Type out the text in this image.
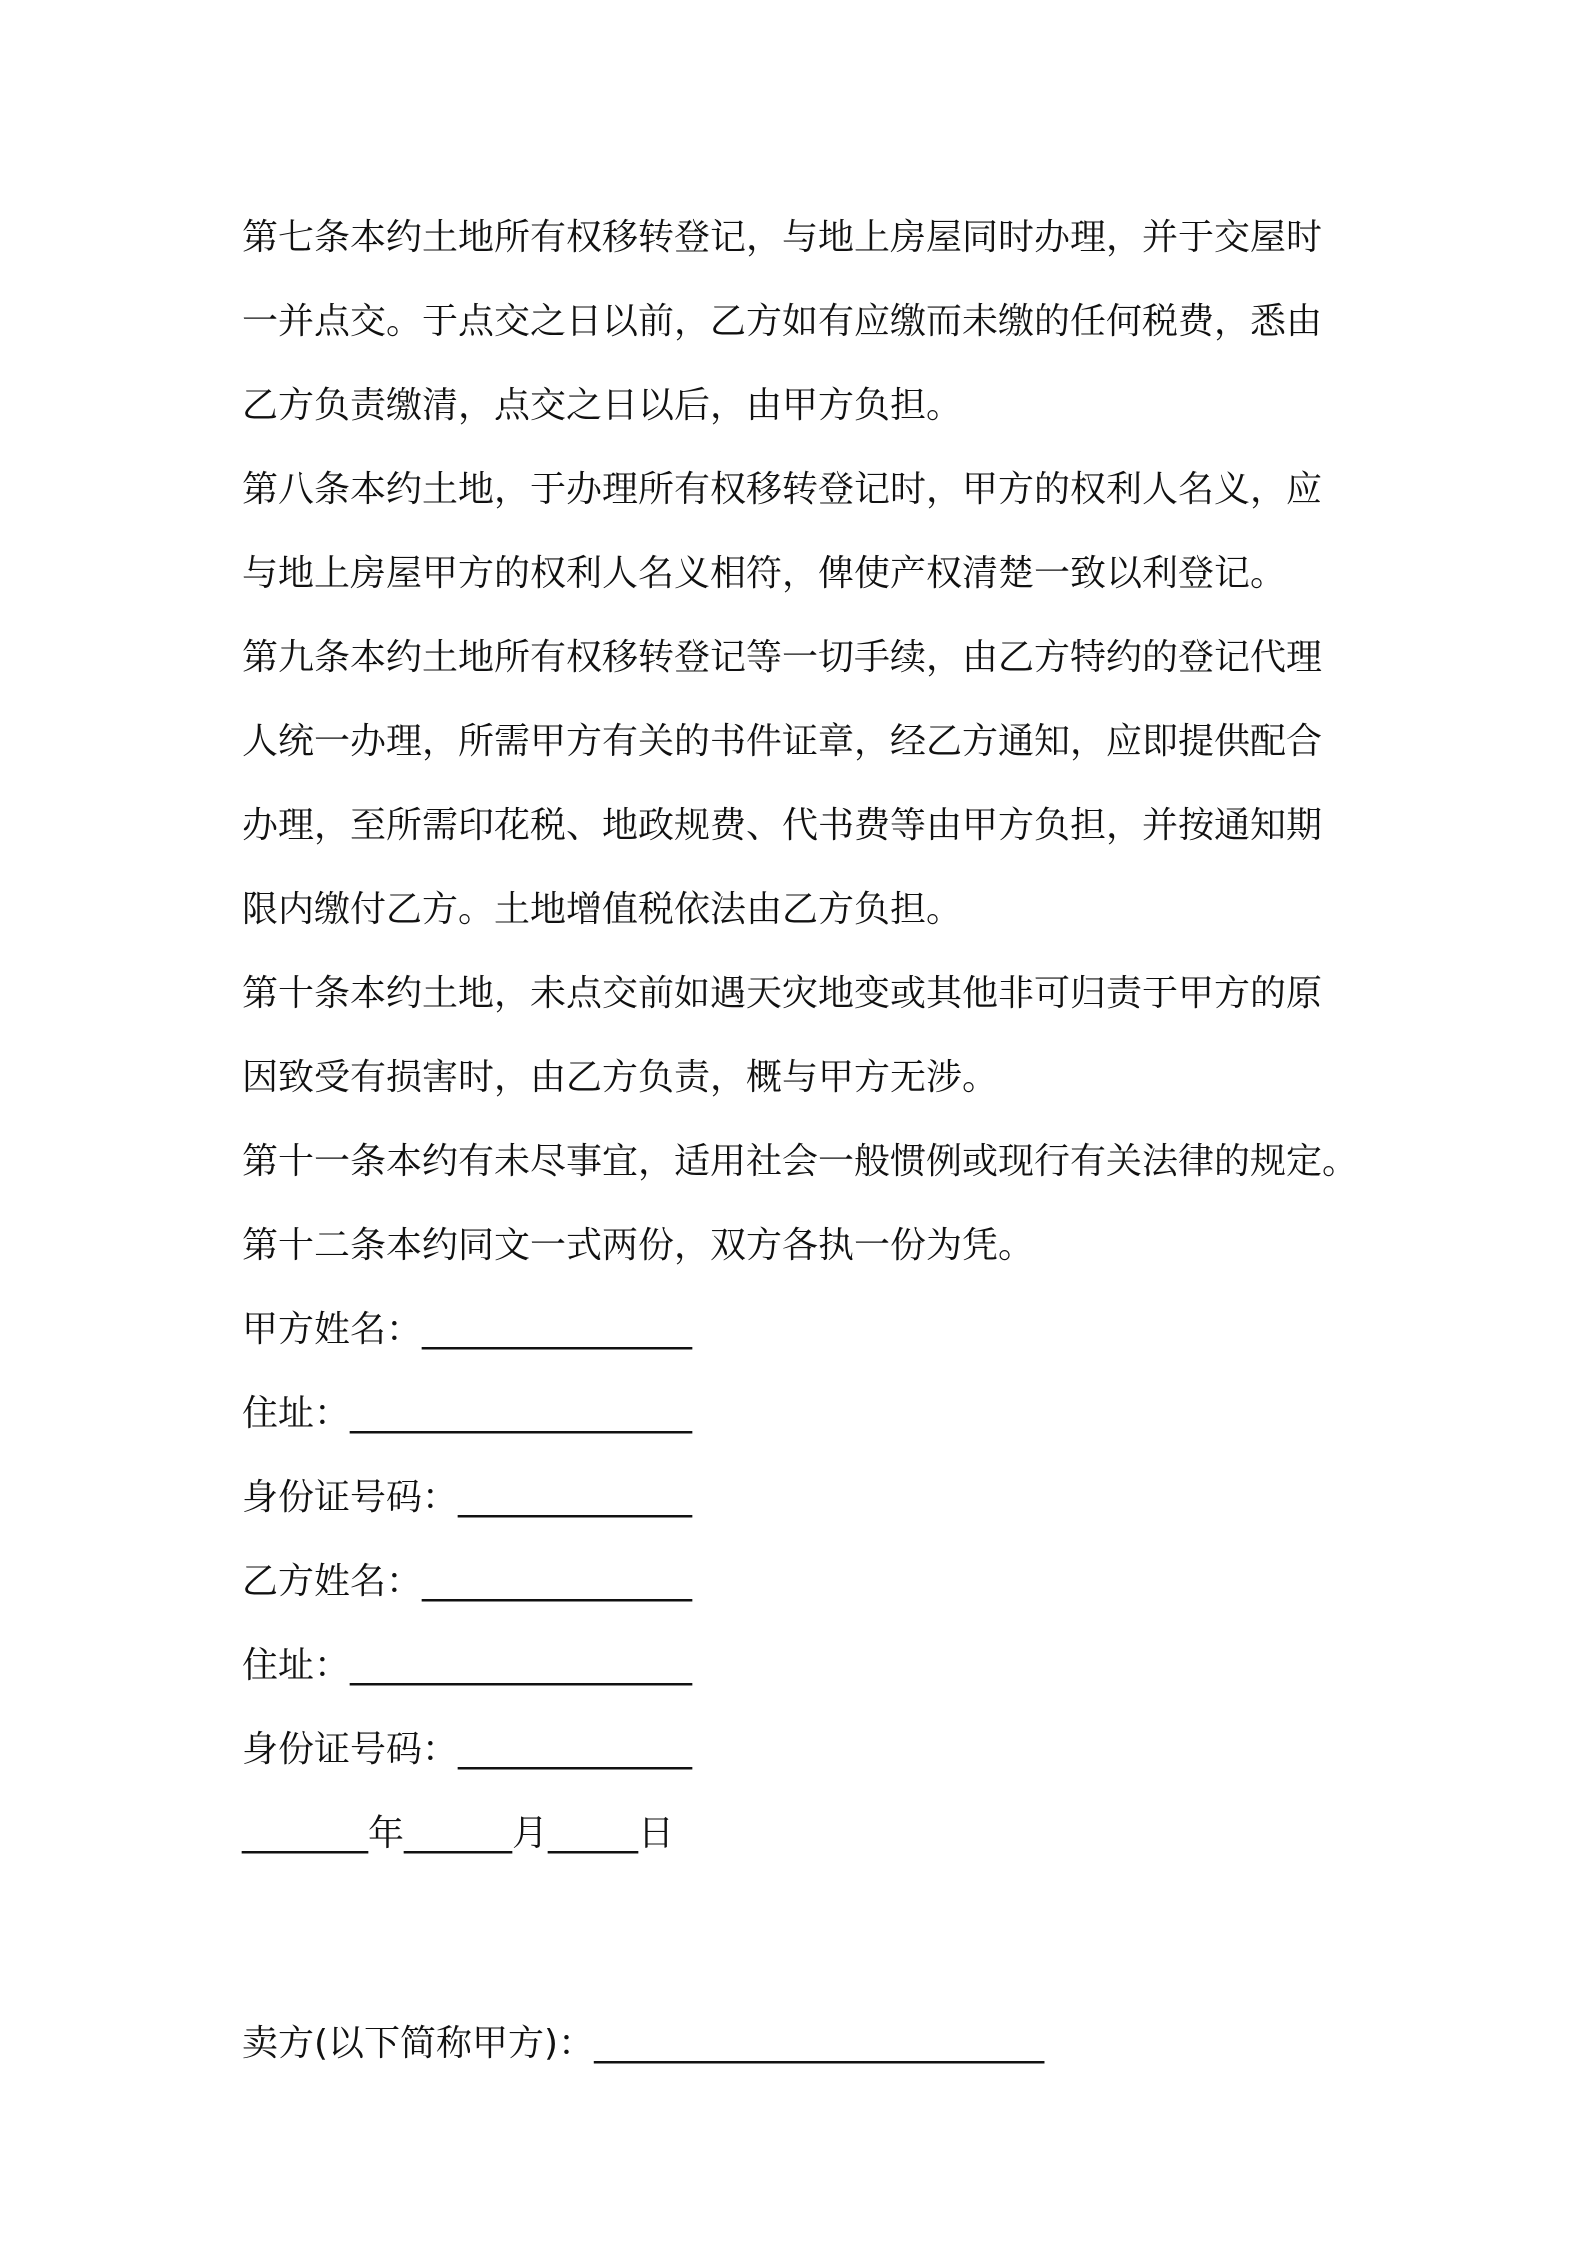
第七条本约土地所有权移转登记，与地上房屋同时办理，并于交屋时
一并点交。于点交之日以前，乙方如有应缴而未缴的任何税费，悉由
乙方负责缴清，点交之日以后，由甲方负担。
第八条本约土地，于办理所有权移转登记时，甲方的权利人名义，应
与地上房屋甲方的权利人名义相符，俾使产权清楚一致以利登记。
第九条本约土地所有权移转登记等一切手续，由乙方特约的登记代理
人统一办理，所需甲方有关的书件证章，经乙方通知，应即提供配合
办理，至所需印花税、地政规费、代书费等由甲方负担，并按通知期
限内缴付乙方。土地增值税依法由乙方负担。
第十条本约土地，未点交前如遇天灾地变或其他非可归责于甲方的原
因致受有损害时，由乙方负责，概与甲方无涉。
第十一条本约有未尽事宜，适用社会一般惯例或现行有关法律的规定。
第十二条本约同文一式两份，双方各执一份为凭。
甲方姓名：_______________
住址：___________________
身份证号码：_____________
乙方姓名：_______________
住址：___________________
身份证号码：_____________
_______年______月_____日
卖方(以下简称甲方)：_________________________
